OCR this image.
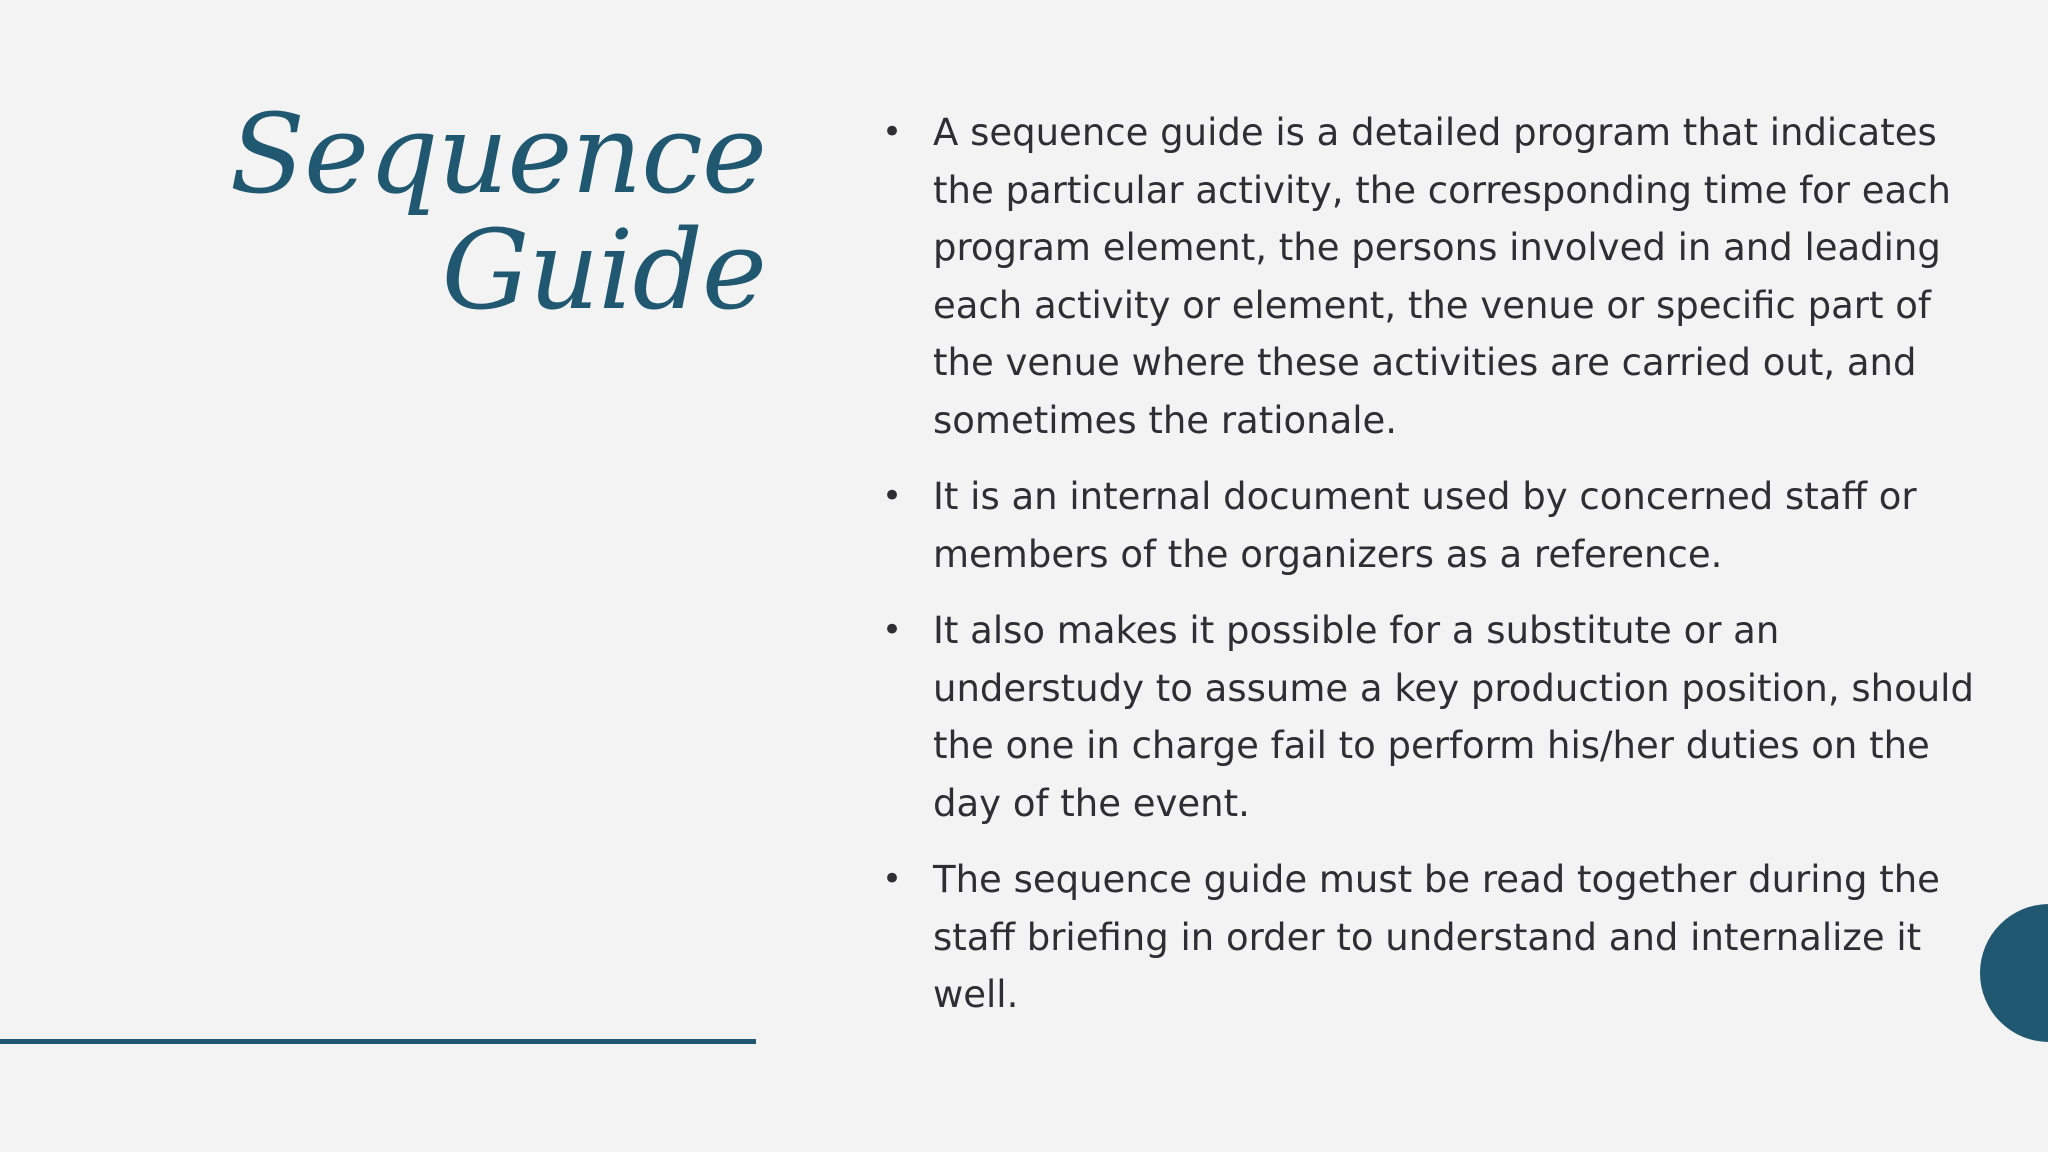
Sequence
Guide
• A sequence guide is a detailed program that indicates the particular activity, the corresponding time for each program element, the persons involved in and leading each activity or element, the venue or specific part of the venue where these activities are carried out, and sometimes the rationale.
• It is an internal document used by concerned staff or members of the organizers as a reference.
• It also makes it possible for a substitute or an understudy to assume a key production position, should the one in charge fail to perform his/her duties on the day of the event.
• The sequence guide must be read together during the staff briefing in order to understand and internalize it well.
